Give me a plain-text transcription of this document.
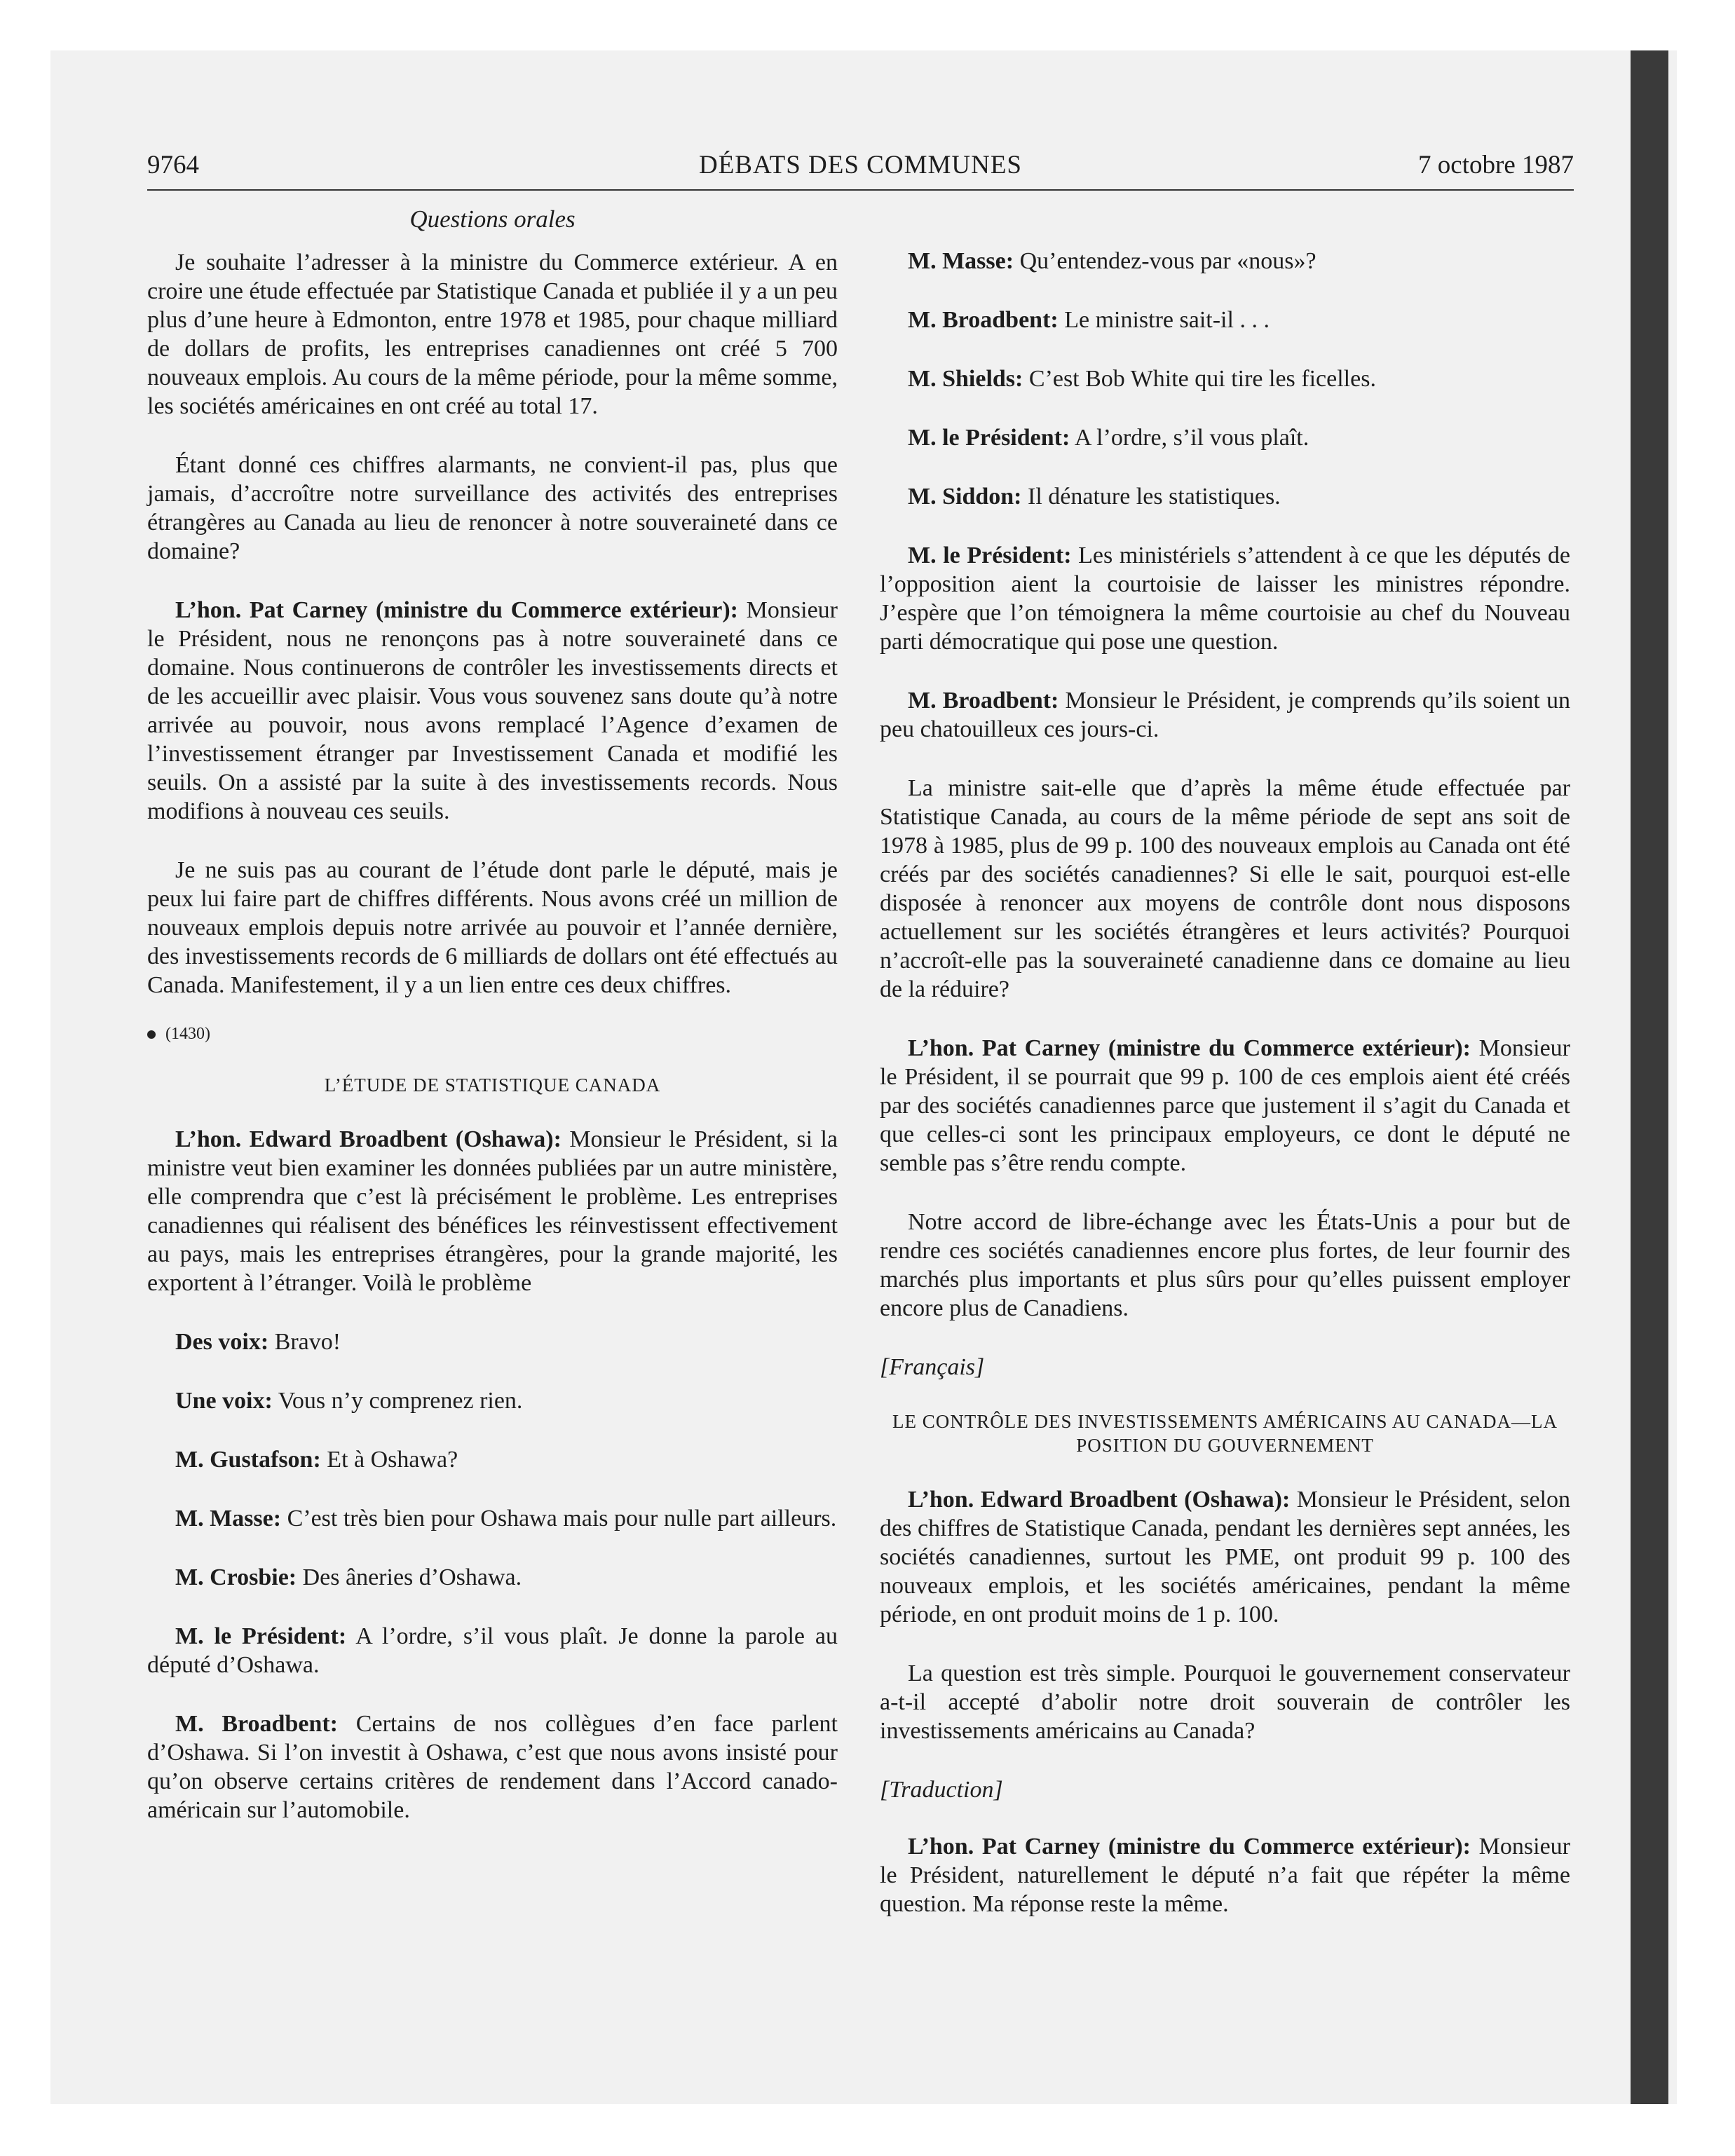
9764	DÉBATS DES COMMUNES	7 octobre 1987
Questions orales

Je souhaite l’adresser à la ministre du Commerce extérieur. A en croire une étude effectuée par Statistique Canada et publiée il y a un peu plus d’une heure à Edmonton, entre 1978 et 1985, pour chaque milliard de dollars de profits, les entreprises canadiennes ont créé 5 700 nouveaux emplois. Au cours de la même période, pour la même somme, les sociétés américaines en ont créé au total 17.

Étant donné ces chiffres alarmants, ne convient-il pas, plus que jamais, d’accroître notre surveillance des activités des entreprises étrangères au Canada au lieu de renoncer à notre souveraineté dans ce domaine?

L’hon. Pat Carney (ministre du Commerce extérieur): Monsieur le Président, nous ne renonçons pas à notre souveraineté dans ce domaine. Nous continuerons de contrôler les investissements directs et de les accueillir avec plaisir. Vous vous souvenez sans doute qu’à notre arrivée au pouvoir, nous avons remplacé l’Agence d’examen de l’investissement étranger par Investissement Canada et modifié les seuils. On a assisté par la suite à des investissements records. Nous modifions à nouveau ces seuils.

Je ne suis pas au courant de l’étude dont parle le député, mais je peux lui faire part de chiffres différents. Nous avons créé un million de nouveaux emplois depuis notre arrivée au pouvoir et l’année dernière, des investissements records de 6 milliards de dollars ont été effectués au Canada. Manifestement, il y a un lien entre ces deux chiffres.

(1430)
L’ÉTUDE DE STATISTIQUE CANADA

L’hon. Edward Broadbent (Oshawa): Monsieur le Président, si la ministre veut bien examiner les données publiées par un autre ministère, elle comprendra que c’est là précisément le problème. Les entreprises canadiennes qui réalisent des bénéfices les réinvestissent effectivement au pays, mais les entreprises étrangères, pour la grande majorité, les exportent à l’étranger. Voilà le problème

Des voix: Bravo!

Une voix: Vous n’y comprenez rien.

M. Gustafson: Et à Oshawa?

M. Masse: C’est très bien pour Oshawa mais pour nulle part ailleurs.

M. Crosbie: Des âneries d’Oshawa.

M. le Président: A l’ordre, s’il vous plaît. Je donne la parole au député d’Oshawa.

M. Broadbent: Certains de nos collègues d’en face parlent d’Oshawa. Si l’on investit à Oshawa, c’est que nous avons insisté pour qu’on observe certains critères de rendement dans l’Accord canado-américain sur l’automobile.

M. Masse: Qu’entendez-vous par «nous»?

M. Broadbent: Le ministre sait-il . . .

M. Shields: C’est Bob White qui tire les ficelles.

M. le Président: A l’ordre, s’il vous plaît.

M. Siddon: Il dénature les statistiques.

M. le Président: Les ministériels s’attendent à ce que les députés de l’opposition aient la courtoisie de laisser les ministres répondre. J’espère que l’on témoignera la même courtoisie au chef du Nouveau parti démocratique qui pose une question.

M. Broadbent: Monsieur le Président, je comprends qu’ils soient un peu chatouilleux ces jours-ci.

La ministre sait-elle que d’après la même étude effectuée par Statistique Canada, au cours de la même période de sept ans soit de 1978 à 1985, plus de 99 p. 100 des nouveaux emplois au Canada ont été créés par des sociétés canadiennes? Si elle le sait, pourquoi est-elle disposée à renoncer aux moyens de contrôle dont nous disposons actuellement sur les sociétés étrangères et leurs activités? Pourquoi n’accroît-elle pas la souveraineté canadienne dans ce domaine au lieu de la réduire?

L’hon. Pat Carney (ministre du Commerce extérieur): Monsieur le Président, il se pourrait que 99 p. 100 de ces emplois aient été créés par des sociétés canadiennes parce que justement il s’agit du Canada et que celles-ci sont les principaux employeurs, ce dont le député ne semble pas s’être rendu compte.

Notre accord de libre-échange avec les États-Unis a pour but de rendre ces sociétés canadiennes encore plus fortes, de leur fournir des marchés plus importants et plus sûrs pour qu’elles puissent employer encore plus de Canadiens.

[Français]
LE CONTRÔLE DES INVESTISSEMENTS AMÉRICAINS AU CANADA—LA POSITION DU GOUVERNEMENT

L’hon. Edward Broadbent (Oshawa): Monsieur le Président, selon des chiffres de Statistique Canada, pendant les dernières sept années, les sociétés canadiennes, surtout les PME, ont produit 99 p. 100 des nouveaux emplois, et les sociétés américaines, pendant la même période, en ont produit moins de 1 p. 100.

La question est très simple. Pourquoi le gouvernement conservateur a-t-il accepté d’abolir notre droit souverain de contrôler les investissements américains au Canada?

[Traduction]

L’hon. Pat Carney (ministre du Commerce extérieur): Monsieur le Président, naturellement le député n’a fait que répéter la même question. Ma réponse reste la même.
